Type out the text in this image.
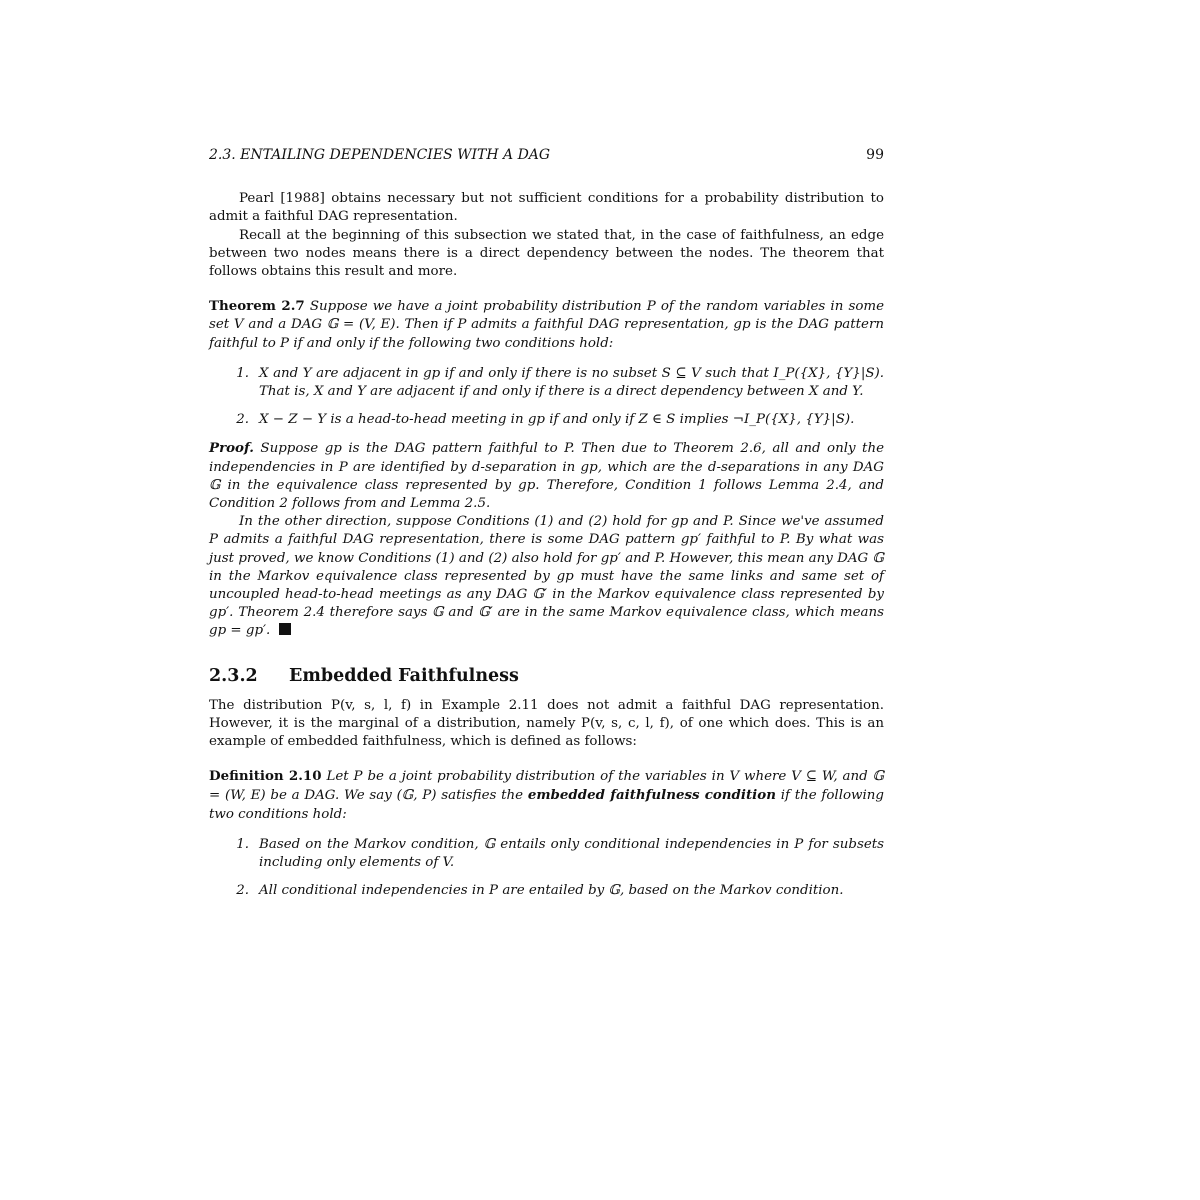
2.3. ENTAILING DEPENDENCIES WITH A DAG	99

Pearl [1988] obtains necessary but not sufficient conditions for a probability distribution to admit a faithful DAG representation.

Recall at the beginning of this subsection we stated that, in the case of faithfulness, an edge between two nodes means there is a direct dependency between the nodes. The theorem that follows obtains this result and more.

Theorem 2.7 Suppose we have a joint probability distribution P of the random variables in some set V and a DAG 𝔾 = (V, E). Then if P admits a faithful DAG representation, gp is the DAG pattern faithful to P if and only if the following two conditions hold:

1. X and Y are adjacent in gp if and only if there is no subset S ⊆ V such that I_P({X}, {Y}|S). That is, X and Y are adjacent if and only if there is a direct dependency between X and Y.
2. X − Z − Y is a head-to-head meeting in gp if and only if Z ∈ S implies ¬I_P({X}, {Y}|S).

Proof. Suppose gp is the DAG pattern faithful to P. Then due to Theorem 2.6, all and only the independencies in P are identified by d-separation in gp, which are the d-separations in any DAG 𝔾 in the equivalence class represented by gp. Therefore, Condition 1 follows Lemma 2.4, and Condition 2 follows from and Lemma 2.5.

In the other direction, suppose Conditions (1) and (2) hold for gp and P. Since we've assumed P admits a faithful DAG representation, there is some DAG pattern gp′ faithful to P. By what was just proved, we know Conditions (1) and (2) also hold for gp′ and P. However, this mean any DAG 𝔾 in the Markov equivalence class represented by gp must have the same links and same set of uncoupled head-to-head meetings as any DAG 𝔾′ in the Markov equivalence class represented by gp′. Theorem 2.4 therefore says 𝔾 and 𝔾′ are in the same Markov equivalence class, which means gp = gp′.

2.3.2 Embedded Faithfulness

The distribution P(v, s, l, f) in Example 2.11 does not admit a faithful DAG representation. However, it is the marginal of a distribution, namely P(v, s, c, l, f), of one which does. This is an example of embedded faithfulness, which is defined as follows:

Definition 2.10 Let P be a joint probability distribution of the variables in V where V ⊆ W, and 𝔾 = (W, E) be a DAG. We say (𝔾, P) satisfies the embedded faithfulness condition if the following two conditions hold:

1. Based on the Markov condition, 𝔾 entails only conditional independencies in P for subsets including only elements of V.
2. All conditional independencies in P are entailed by 𝔾, based on the Markov condition.
